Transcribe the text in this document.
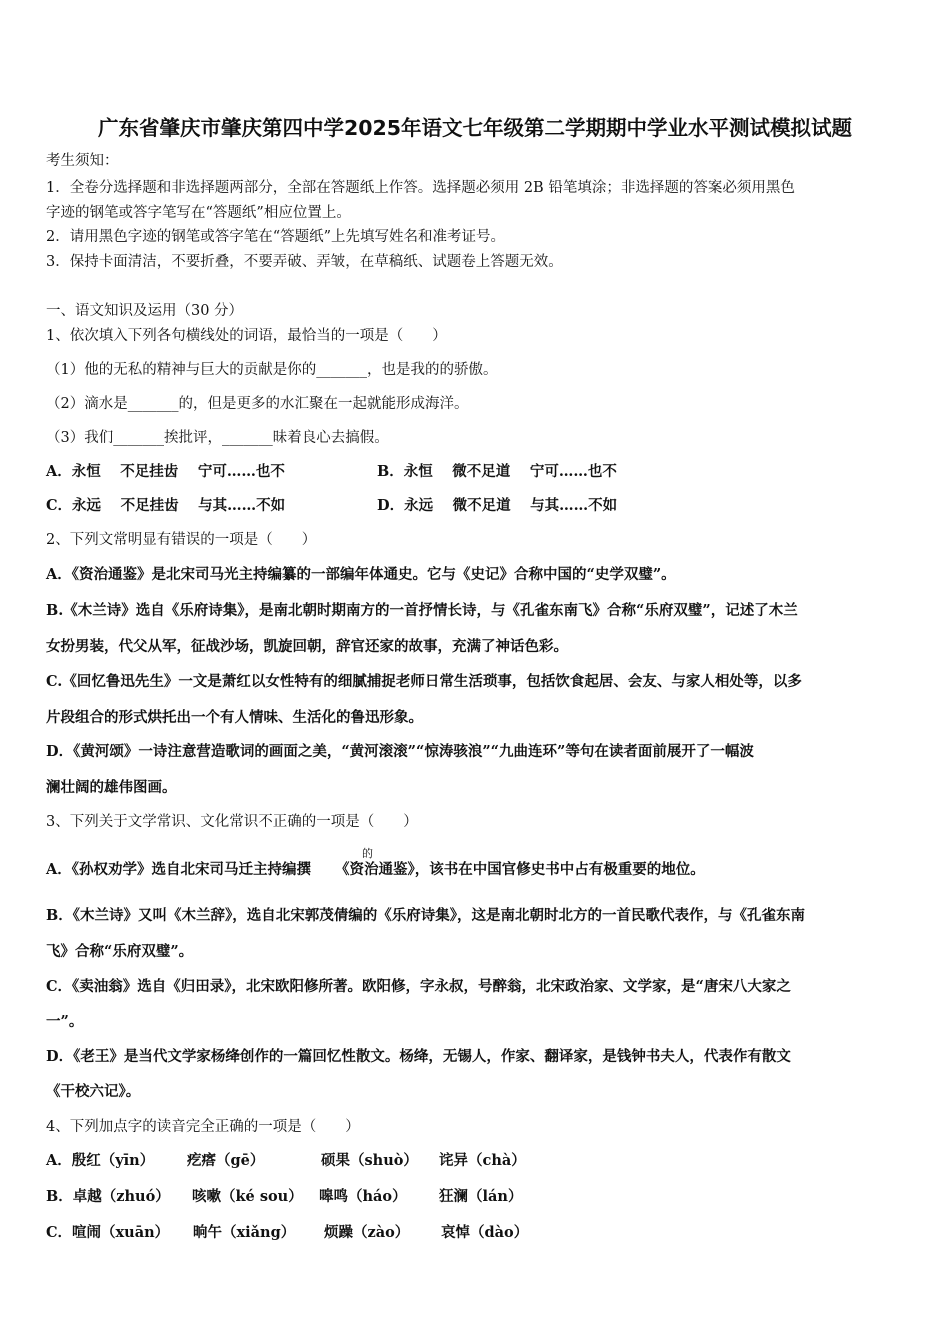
广东省肇庆市肇庆第四中学2025年语文七年级第二学期期中学业水平测试模拟试题
考生须知：
1．全卷分选择题和非选择题两部分，全部在答题纸上作答。选择题必须用 2B 铅笔填涂；非选择题的答案必须用黑色
字迹的钢笔或答字笔写在“答题纸”相应位置上。
2．请用黑色字迹的钢笔或答字笔在“答题纸”上先填写姓名和准考证号。
3．保持卡面清洁，不要折叠，不要弄破、弄皱，在草稿纸、试题卷上答题无效。
一、语文知识及运用（30 分）
1、依次填入下列各句横线处的词语，最恰当的一项是（　　）
（1）他的无私的精神与巨大的贡献是你的_______，也是我的的骄傲。
（2）滴水是_______的，但是更多的水汇聚在一起就能形成海洋。
（3）我们_______挨批评，_______昧着良心去搞假。
A．永恒　 不足挂齿　 宁可……也不	B．永恒　 微不足道　 宁可……也不
C．永远　 不足挂齿　 与其……不如	D．永远　 微不足道　 与其……不如
2、下列文常明显有错误的一项是（　　）
A．《资治通鉴》是北宋司马光主持编纂的一部编年体通史。它与《史记》合称中国的“史学双璧”。
B.《木兰诗》选自《乐府诗集》，是南北朝时期南方的一首抒情长诗，与《孔雀东南飞》合称“乐府双璧”，记述了木兰
女扮男装，代父从军，征战沙场，凯旋回朝，辞官还家的故事，充满了神话色彩。
C.《回忆鲁迅先生》一文是萧红以女性特有的细腻捕捉老师日常生活琐事，包括饮食起居、会友、与家人相处等，以多
片段组合的形式烘托出一个有人情味、生活化的鲁迅形象。
D．《黄河颂》一诗注意营造歌词的画面之美，“黄河滚滚”“惊涛骇浪”“九曲连环”等句在读者面前展开了一幅波
澜壮阔的雄伟图画。
3、下列关于文学常识、文化常识不正确的一项是（　　）
的
A．《孙权劝学》选自北宋司马迁主持编撰 《资治通鉴》，该书在中国官修史书中占有极重要的地位。
B．《木兰诗》又叫《木兰辞》，选自北宋郭茂倩编的《乐府诗集》，这是南北朝时北方的一首民歌代表作，与《孔雀东南
飞》合称“乐府双璧”。
C．《卖油翁》选自《归田录》，北宋欧阳修所著。欧阳修，字永叔，号醉翁，北宋政治家、文学家，是“唐宋八大家之
一”。
D．《老王》是当代文学家杨绛创作的一篇回忆性散文。杨绛，无锡人，作家、翻译家，是钱钟书夫人，代表作有散文
《干校六记》。
4、下列加点字的读音完全正确的一项是（　　）
A．殷红（yīn） 疙瘩（gē）	硕果（shuò） 诧异（chà）
B．卓越（zhuó） 咳嗽（ké sou） 嗥鸣（háo） 狂澜（lán）
C．喧闹（xuān） 晌午（xiǎng） 烦躁（zào） 哀悼（dào）
